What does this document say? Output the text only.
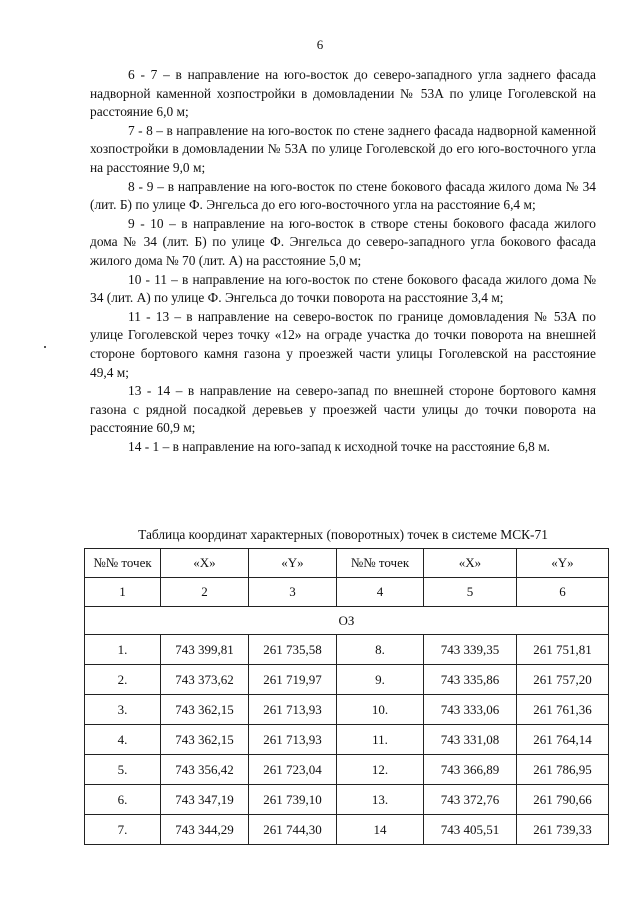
6

6 - 7 – в направление на юго-восток до северо-западного угла заднего фасада надворной каменной хозпостройки в домовладении № 53А по улице Гоголевской на расстояние 6,0 м;

7 - 8 – в направление на юго-восток по стене заднего фасада надворной каменной хозпостройки в домовладении № 53А по улице Гоголевской до его юго-восточного угла на расстояние 9,0 м;

8 - 9 – в направление на юго-восток по стене бокового фасада жилого дома № 34 (лит. Б) по улице Ф. Энгельса до его юго-восточного угла на расстояние 6,4 м;

9 - 10 – в направление на юго-восток в створе стены бокового фасада жилого дома № 34 (лит. Б) по улице Ф. Энгельса до северо-западного угла бокового фасада жилого дома № 70 (лит. А) на расстояние 5,0 м;

10 - 11 – в направление на юго-восток по стене бокового фасада жилого дома № 34 (лит. А) по улице Ф. Энгельса до точки поворота на расстояние 3,4 м;

11 - 13 – в направление на северо-восток по границе домовладения № 53А по улице Гоголевской через точку «12» на ограде участка до точки поворота на внешней стороне бортового камня газона у проезжей части улицы Гоголевской на расстояние 49,4 м;

13 - 14 – в направление на северо-запад по внешней стороне бортового камня газона с рядной посадкой деревьев у проезжей части улицы до точки поворота на расстояние 60,9 м;

14 - 1 – в направление на юго-запад к исходной точке на расстояние 6,8 м.

Таблица координат характерных (поворотных) точек в системе МСК-71
№№ точек	«X»	«Y»	№№ точек	«X»	«Y»
1	2	3	4	5	6
ОЗ					
1.	743 399,81	261 735,58	8.	743 339,35	261 751,81
2.	743 373,62	261 719,97	9.	743 335,86	261 757,20
3.	743 362,15	261 713,93	10.	743 333,06	261 761,36
4.	743 362,15	261 713,93	11.	743 331,08	261 764,14
5.	743 356,42	261 723,04	12.	743 366,89	261 786,95
6.	743 347,19	261 739,10	13.	743 372,76	261 790,66
7.	743 344,29	261 744,30	14	743 405,51	261 739,33
